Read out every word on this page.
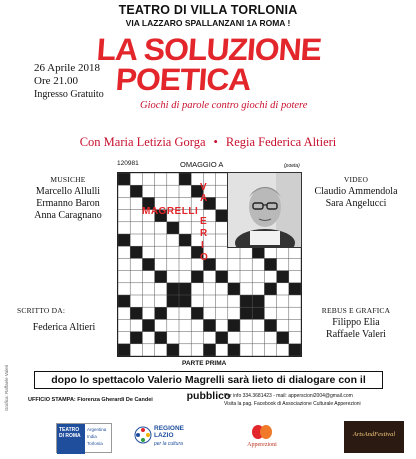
TEATRO DI VILLA TORLONIA
VIA LAZZARO SPALLANZANI 1A ROMA !
LA SOLUZIONE
POETICA
Giochi di parole contro giochi di potere
26 Aprile 2018
Ore 21.00
Ingresso Gratuito
Con Maria Letizia Gorga • Regia Federica Altieri
120981	OMAGGIO A	(poeta)
MAGRELLI
V
A
E
R
I
O
PARTE PRIMA
MUSICHE
Marcello Allulli
Ermanno Baron
Anna Caragnano
SCRITTO DA:
Federica Altieri
VIDEO
Claudio Ammendola
Sara Angelucci
REBUS E GRAFICA
Filippo Elia
Raffaele Valeri
dopo lo spettacolo Valerio Magrelli sarà lieto di dialogare con il pubblico
UFFICIO STAMPA: Fiorenza Gherardi De Candei
Per info 334.3681423 - mail: apperscioni2004@gmail.com
Visita la pag. Facebook di Associazione Culturale Apperezioni
Grafica: Raffaele Valeri
TEATRO DI ROMA
Argentina
India
Torlonia
REGIONE
LAZIO
per la cultura	Apperezioni
ArtsAndFestival
